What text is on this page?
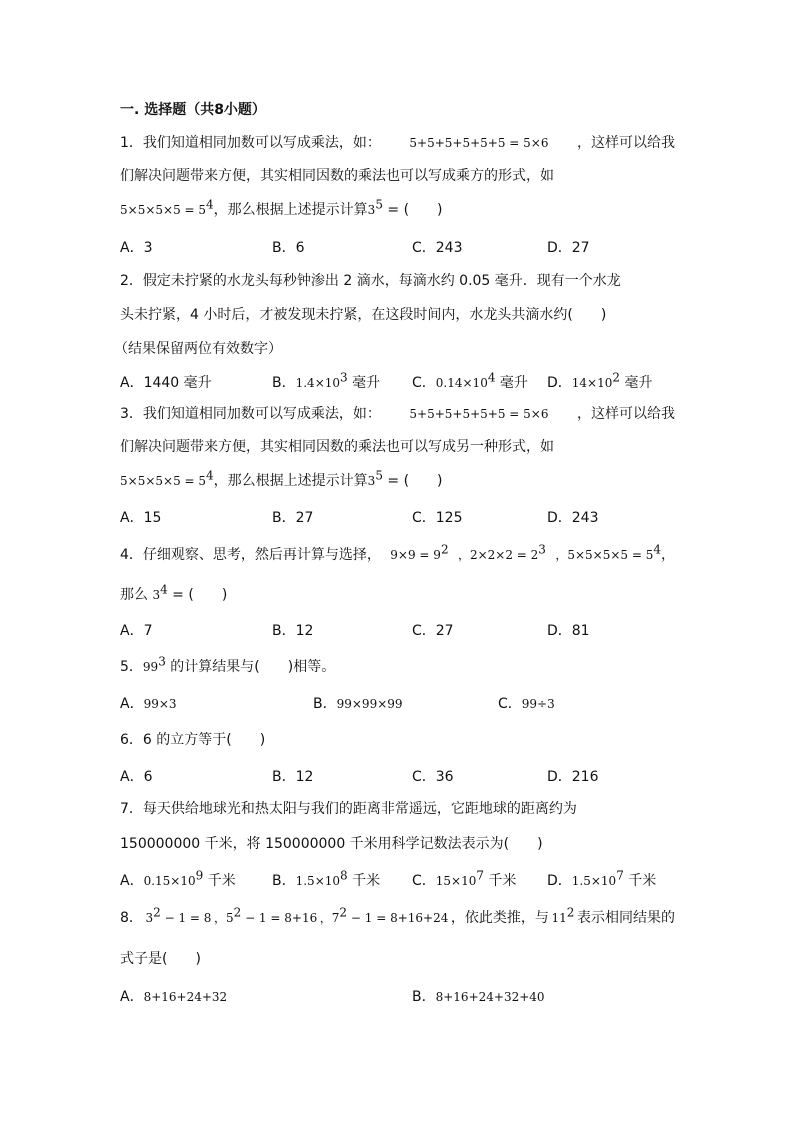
一. 选择题（共8小题）
1．我们知道相同加数可以写成乘法，如： 5+5+5+5+5+5 = 5×6 ，这样可以给我
们解决问题带来方便，其实相同因数的乘法也可以写成乘方的形式，如
$5\times 5\times 5\times 5 = 5^4$，那么根据上述提示计算$3^5$ = (　　)
A．3	B．6	C．243	D．27
2．假定未拧紧的水龙头每秒钟渗出 2 滴水，每滴水约 0.05 毫升．现有一个水龙
头未拧紧，4 小时后，才被发现未拧紧，在这段时间内，水龙头共滴水约(　　)
（结果保留两位有效数字）
A．1440 毫升	B．$1.4\times 10^3$ 毫升 C．$0.14\times 10^4$ 毫升 D．$14\times 10^2$ 毫升
3．我们知道相同加数可以写成乘法，如： 5+5+5+5+5+5 = 5×6 ，这样可以给我
们解决问题带来方便，其实相同因数的乘法也可以写成另一种形式，如
$5\times 5\times 5\times 5 = 5^4$，那么根据上述提示计算$3^5$ = (　　)
A．15	B．27	C．125	D．243
4．仔细观察、思考，然后再计算与选择， $9\times 9 = 9^2$ ，$2\times 2\times 2 = 2^3$ ，$5\times 5\times 5\times 5 = 5^4$，
那么 $3^4$ = (　　)
A．7	B．12	C．27	D．81
5．$99^3$ 的计算结果与(　　)相等。
A．99×3	B．99×99×99	C．99÷3
6．6 的立方等于(　　)
A．6	B．12	C．36	D．216
7．每天供给地球光和热太阳与我们的距离非常遥远，它距地球的距离约为
150000000 千米，将 150000000 千米用科学记数法表示为(　　)
A．$0.15\times 10^9$ 千米	B．$1.5\times 10^8$ 千米 C．$15\times 10^7$ 千米 D．$1.5\times 10^7$ 千米
8． $3^2 - 1 = 8$ ，$5^2 - 1 = 8+16$ ，$7^2 - 1 = 8+16+24$ ，依此类推，与 $11^2$ 表示相同结果的
式子是(　　)
A．8+16+24+32	B．8+16+24+32+40
